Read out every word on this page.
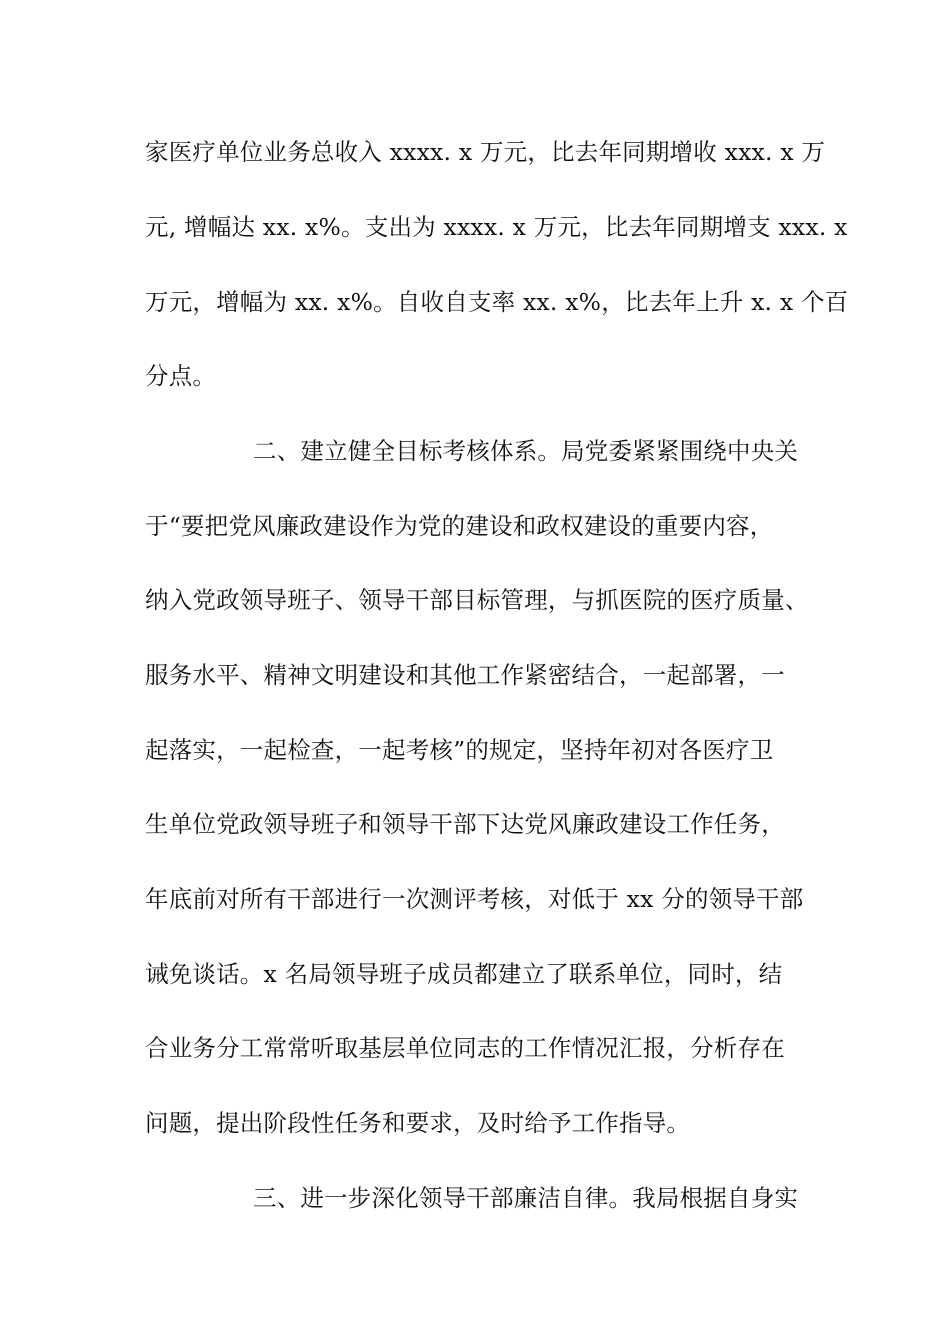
家医疗单位业务总收入 xxxx. x 万元，比去年同期增收 xxx. x 万
元, 增幅达 xx. x%。支出为 xxxx. x 万元，比去年同期增支 xxx. x
万元，增幅为 xx. x%。自收自支率 xx. x%，比去年上升 x. x 个百
分点。
二、建立健全目标考核体系。局党委紧紧围绕中央关
于“要把党风廉政建设作为党的建设和政权建设的重要内容，
纳入党政领导班子、领导干部目标管理，与抓医院的医疗质量、
服务水平、精神文明建设和其他工作紧密结合，一起部署，一
起落实，一起检查，一起考核”的规定，坚持年初对各医疗卫
生单位党政领导班子和领导干部下达党风廉政建设工作任务，
年底前对所有干部进行一次测评考核，对低于 xx 分的领导干部
诫免谈话。x 名局领导班子成员都建立了联系单位，同时，结
合业务分工常常听取基层单位同志的工作情况汇报，分析存在
问题，提出阶段性任务和要求，及时给予工作指导。
三、进一步深化领导干部廉洁自律。我局根据自身实
